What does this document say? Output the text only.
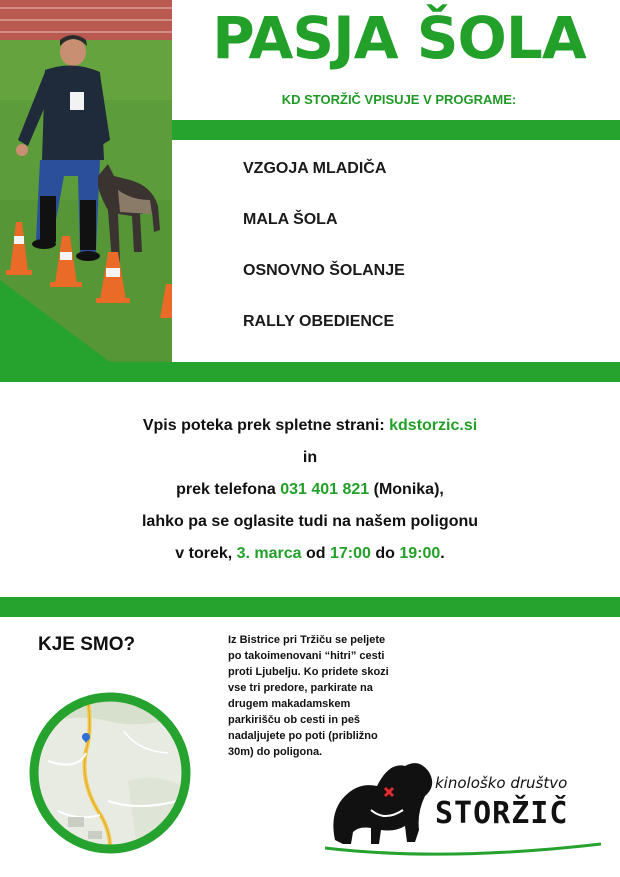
PASJA ŠOLA
KD STORŽIČ VPISUJE V PROGRAME:
VZGOJA MLADIČA
MALA ŠOLA
OSNOVNO ŠOLANJE
RALLY OBEDIENCE

Vpis poteka prek spletne strani: kdstorzic.si

in

prek telefona 031 401 821 (Monika),

lahko pa se oglasite tudi na našem poligonu

v torek, 3. marca od 17:00 do 19:00.

KJE SMO?	Iz Bistrice pri Tržiču se peljete po takoimenovani “hitri” cesti proti Ljubelju. Ko pridete skozi vse tri predore, parkirate na drugem makadamskem parkirišču ob cesti in peš nadaljujete po poti (približno 30m) do poligona.
kinološko društvo
STORŽIČ
